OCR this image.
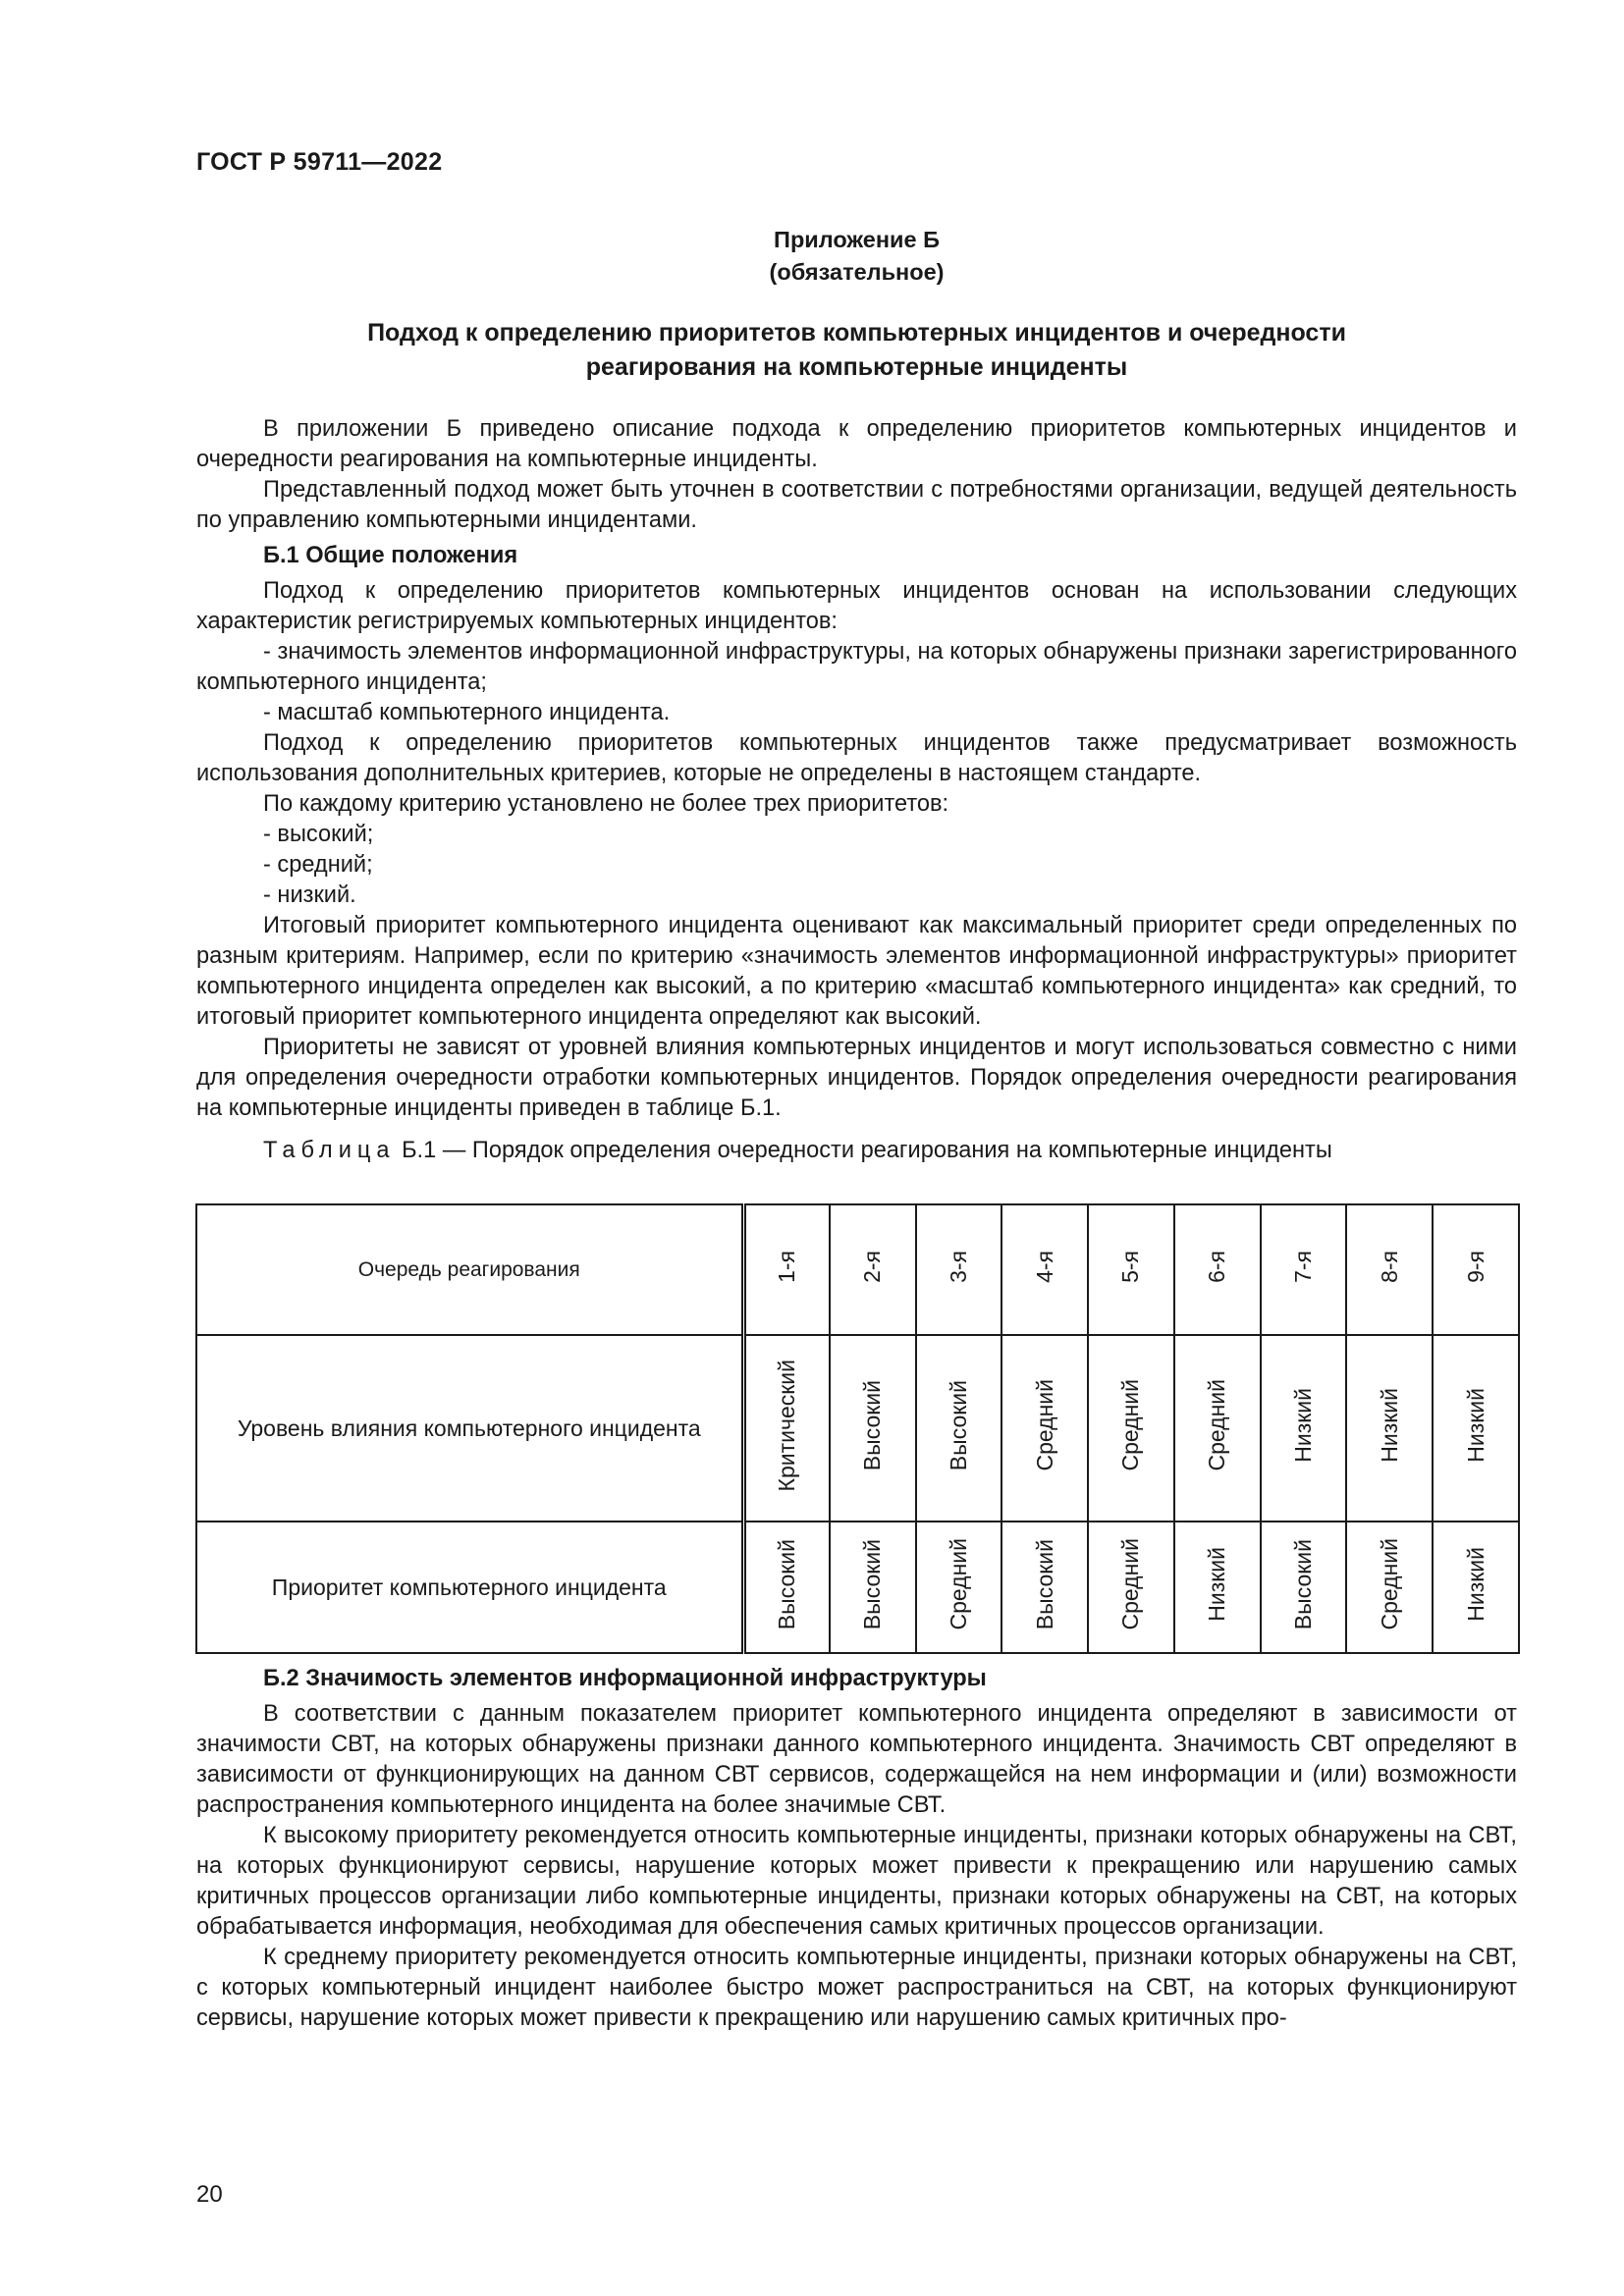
ГОСТ Р 59711—2022
Приложение Б
(обязательное)
Подход к определению приоритетов компьютерных инцидентов и очередности
реагирования на компьютерные инциденты

В приложении Б приведено описание подхода к определению приоритетов компьютерных инцидентов и очередности реагирования на компьютерные инциденты.

Представленный подход может быть уточнен в соответствии с потребностями организации, ведущей деятельность по управлению компьютерными инцидентами.

Б.1 Общие положения

Подход к определению приоритетов компьютерных инцидентов основан на использовании следующих характеристик регистрируемых компьютерных инцидентов:

- значимость элементов информационной инфраструктуры, на которых обнаружены признаки зарегистрированного компьютерного инцидента;

- масштаб компьютерного инцидента.

Подход к определению приоритетов компьютерных инцидентов также предусматривает возможность использования дополнительных критериев, которые не определены в настоящем стандарте.

По каждому критерию установлено не более трех приоритетов:

- высокий;

- средний;

- низкий.

Итоговый приоритет компьютерного инцидента оценивают как максимальный приоритет среди определенных по разным критериям. Например, если по критерию «значимость элементов информационной инфраструктуры» приоритет компьютерного инцидента определен как высокий, а по критерию «масштаб компьютерного инцидента» как средний, то итоговый приоритет компьютерного инцидента определяют как высокий.

Приоритеты не зависят от уровней влияния компьютерных инцидентов и могут использоваться совместно с ними для определения очередности отработки компьютерных инцидентов. Порядок определения очередности реагирования на компьютерные инциденты приведен в таблице Б.1.

Таблица Б.1 — Порядок определения очередности реагирования на компьютерные инциденты

Очередь реагирования	1-я	2-я	3-я	4-я	5-я	6-я	7-я	8-я	9-я
Уровень влияния компьютерного инцидента	Критический	Высокий	Высокий	Средний	Средний	Средний	Низкий	Низкий	Низкий
Приоритет компьютерного инцидента	Высокий	Высокий	Средний	Высокий	Средний	Низкий	Высокий	Средний	Низкий

Б.2 Значимость элементов информационной инфраструктуры

В соответствии с данным показателем приоритет компьютерного инцидента определяют в зависимости от значимости СВТ, на которых обнаружены признаки данного компьютерного инцидента. Значимость СВТ определяют в зависимости от функционирующих на данном СВТ сервисов, содержащейся на нем информации и (или) возможности распространения компьютерного инцидента на более значимые СВТ.

К высокому приоритету рекомендуется относить компьютерные инциденты, признаки которых обнаружены на СВТ, на которых функционируют сервисы, нарушение которых может привести к прекращению или нарушению самых критичных процессов организации либо компьютерные инциденты, признаки которых обнаружены на СВТ, на которых обрабатывается информация, необходимая для обеспечения самых критичных процессов организации.

К среднему приоритету рекомендуется относить компьютерные инциденты, признаки которых обнаружены на СВТ, с которых компьютерный инцидент наиболее быстро может распространиться на СВТ, на которых функционируют сервисы, нарушение которых может привести к прекращению или нарушению самых критичных про-

20
